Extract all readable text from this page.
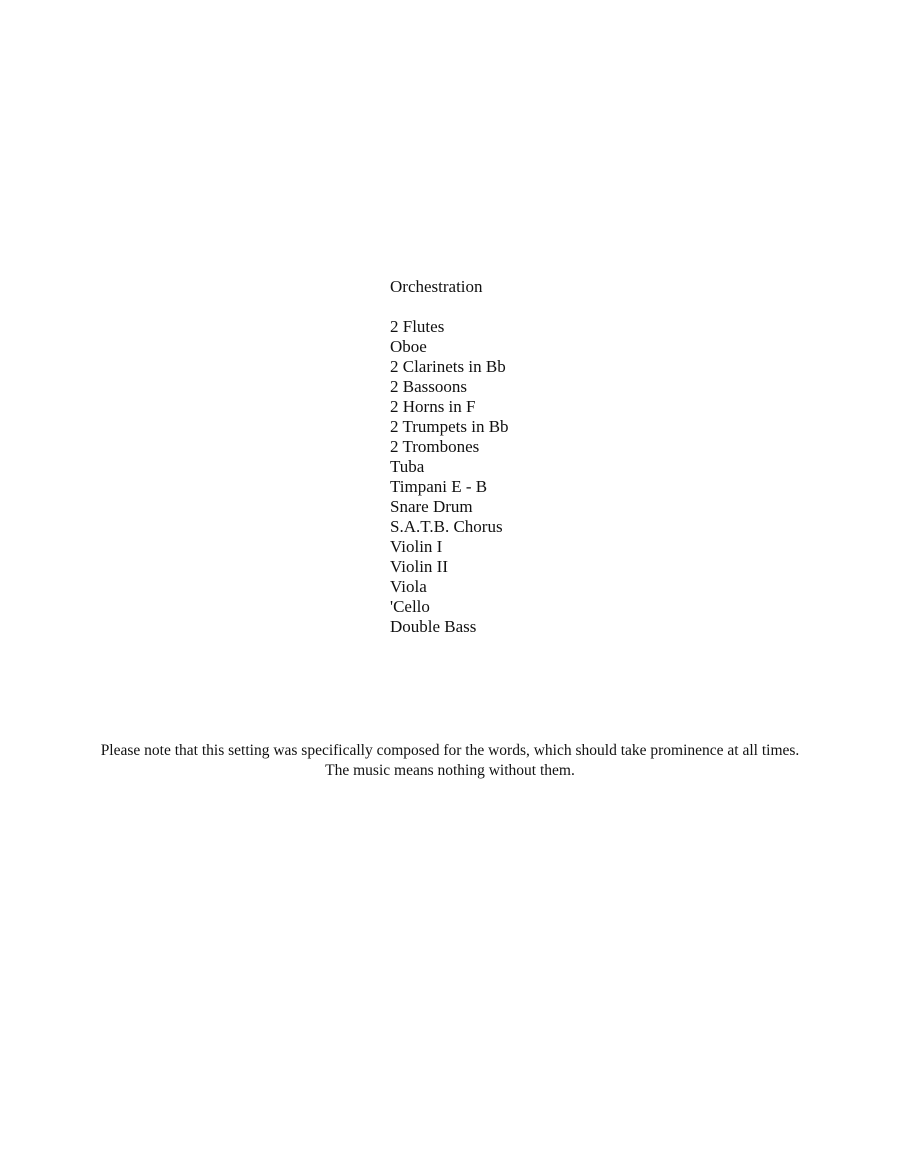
Orchestration
2 Flutes
Oboe
2 Clarinets in Bb
2 Bassoons
2 Horns in F
2 Trumpets in Bb
2 Trombones
Tuba
Timpani E - B
Snare Drum
S.A.T.B. Chorus
Violin I
Violin II
Viola
'Cello
Double Bass

Please note that this setting was specifically composed for the words, which should take prominence at all times.

The music means nothing without them.
